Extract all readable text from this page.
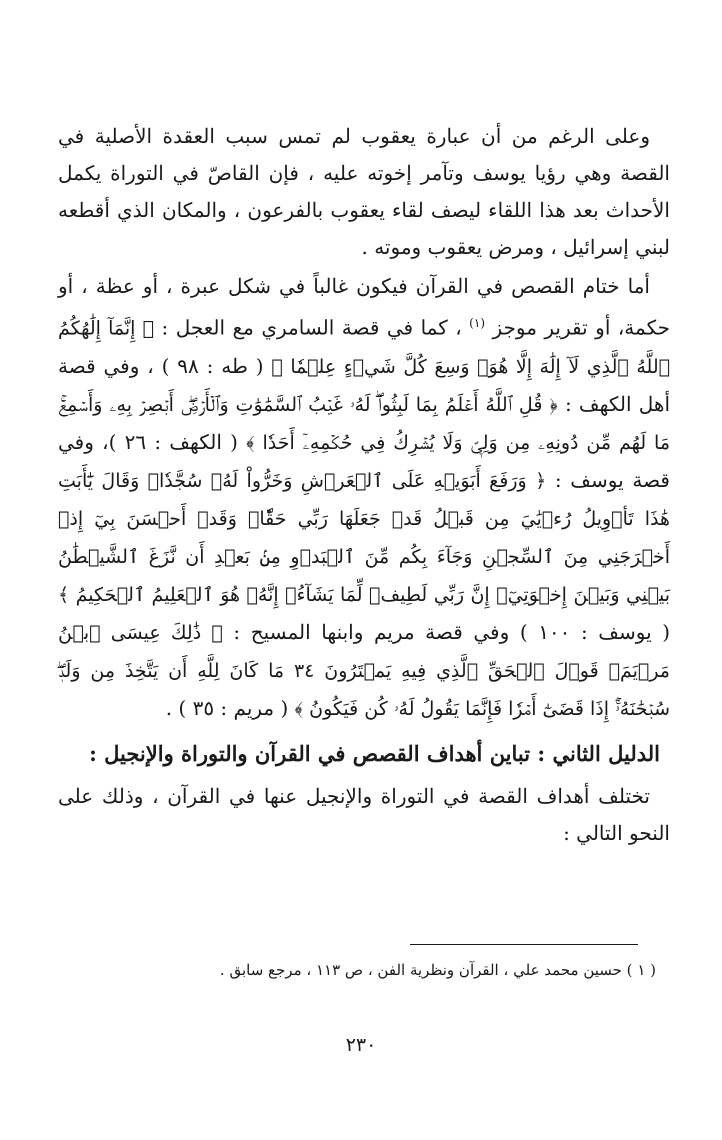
وعلى الرغم من أن عبارة يعقوب لم تمس سبب العقدة الأصلية في القصة وهي رؤيا يوسف وتآمر إخوته عليه ، فإن القاصّ في التوراة يكمل الأحداث بعد هذا اللقاء ليصف لقاء يعقوب بالفرعون ، والمكان الذي أقطعه لبني إسرائيل ، ومرض يعقوب وموته .

أما ختام القصص في القرآن فيكون غالباً في شكل عبرة ، أو عظة ، أو حكمة، أو تقرير موجز $^{(١)}$ ، كما في قصة السامري مع العجل : ﴿ إِنَّمَآ إِلَٰهُكُمُ ٱللَّهُ ٱلَّذِي لَآ إِلَٰهَ إِلَّا هُوَۚ وَسِعَ كُلَّ شَيۡءٍ عِلۡمٗا ﴾ ( طه : ٩٨ ) ، وفي قصة أهل الكهف : ﴿ قُلِ ٱللَّهُ أَعۡلَمُ بِمَا لَبِثُواْۖ لَهُۥ غَيۡبُ ٱلسَّمَٰوَٰتِ وَٱلۡأَرۡضِۖ أَبۡصِرۡ بِهِۦ وَأَسۡمِعۡۚ مَا لَهُم مِّن دُونِهِۦ مِن وَلِيّٖ وَلَا يُشۡرِكُ فِي حُكۡمِهِۦٓ أَحَدٗا ﴾ ( الكهف : ٢٦ )، وفي قصة يوسف : ﴿ وَرَفَعَ أَبَوَيۡهِ عَلَى ٱلۡعَرۡشِ وَخَرُّواْ لَهُۥ سُجَّدٗاۖ وَقَالَ يَٰٓأَبَتِ هَٰذَا تَأۡوِيلُ رُءۡيَٰيَ مِن قَبۡلُ قَدۡ جَعَلَهَا رَبِّي حَقّٗاۖ وَقَدۡ أَحۡسَنَ بِيٓ إِذۡ أَخۡرَجَنِي مِنَ ٱلسِّجۡنِ وَجَآءَ بِكُم مِّنَ ٱلۡبَدۡوِ مِنۢ بَعۡدِ أَن نَّزَغَ ٱلشَّيۡطَٰنُ بَيۡنِي وَبَيۡنَ إِخۡوَتِيٓۚ إِنَّ رَبِّي لَطِيفٞ لِّمَا يَشَآءُۚ إِنَّهُۥ هُوَ ٱلۡعَلِيمُ ٱلۡحَكِيمُ ﴾ ( يوسف : ١٠٠ ) وفي قصة مريم وابنها المسيح : ﴿ ذَٰلِكَ عِيسَى ٱبۡنُ مَرۡيَمَۖ قَوۡلَ ٱلۡحَقِّ ٱلَّذِي فِيهِ يَمۡتَرُونَ ٣٤ مَا كَانَ لِلَّهِ أَن يَتَّخِذَ مِن وَلَدٖۖ سُبۡحَٰنَهُۥٓۚ إِذَا قَضَىٰٓ أَمۡرٗا فَإِنَّمَا يَقُولُ لَهُۥ كُن فَيَكُونُ ﴾ ( مريم : ٣٥ ) .

الدليل الثاني : تباين أهداف القصص في القرآن والتوراة والإنجيل :

تختلف أهداف القصة في التوراة والإنجيل عنها في القرآن ، وذلك على النحو التالي :

( ١ ) حسين محمد علي ، القرآن ونظرية الفن ، ص ١١٣ ، مرجع سابق .
٢٣٠
